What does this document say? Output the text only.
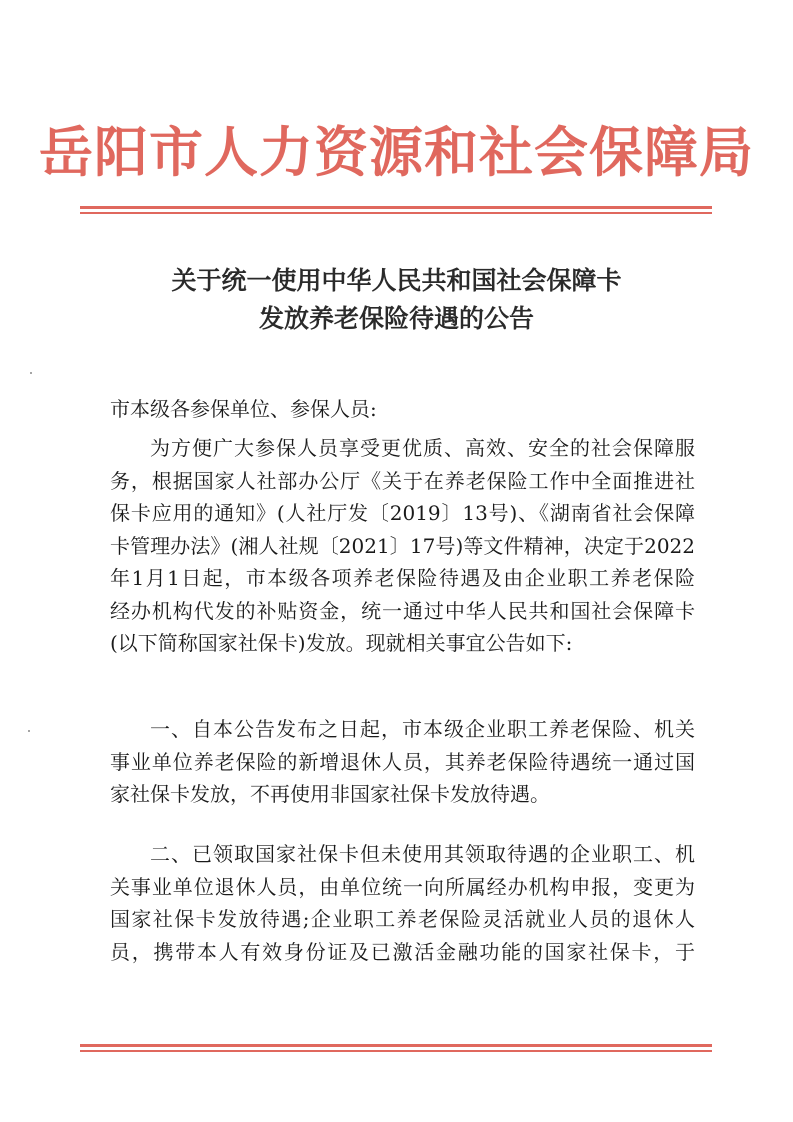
岳阳市人力资源和社会保障局
关于统一使用中华人民共和国社会保障卡
发放养老保险待遇的公告
市本级各参保单位、参保人员:
为方便广大参保人员享受更优质、高效、安全的社会保障服
务，根据国家人社部办公厅《关于在养老保险工作中全面推进社
保卡应用的通知》(人社厅发〔2019〕13号)、《湖南省社会保障
卡管理办法》(湘人社规〔2021〕17号)等文件精神，决定于2022
年1月1日起，市本级各项养老保险待遇及由企业职工养老保险
经办机构代发的补贴资金，统一通过中华人民共和国社会保障卡
(以下简称国家社保卡)发放。现就相关事宜公告如下:
一、自本公告发布之日起，市本级企业职工养老保险、机关
事业单位养老保险的新增退休人员，其养老保险待遇统一通过国
家社保卡发放，不再使用非国家社保卡发放待遇。
二、已领取国家社保卡但未使用其领取待遇的企业职工、机
关事业单位退休人员，由单位统一向所属经办机构申报，变更为
国家社保卡发放待遇;企业职工养老保险灵活就业人员的退休人
员，携带本人有效身份证及已激活金融功能的国家社保卡，于
